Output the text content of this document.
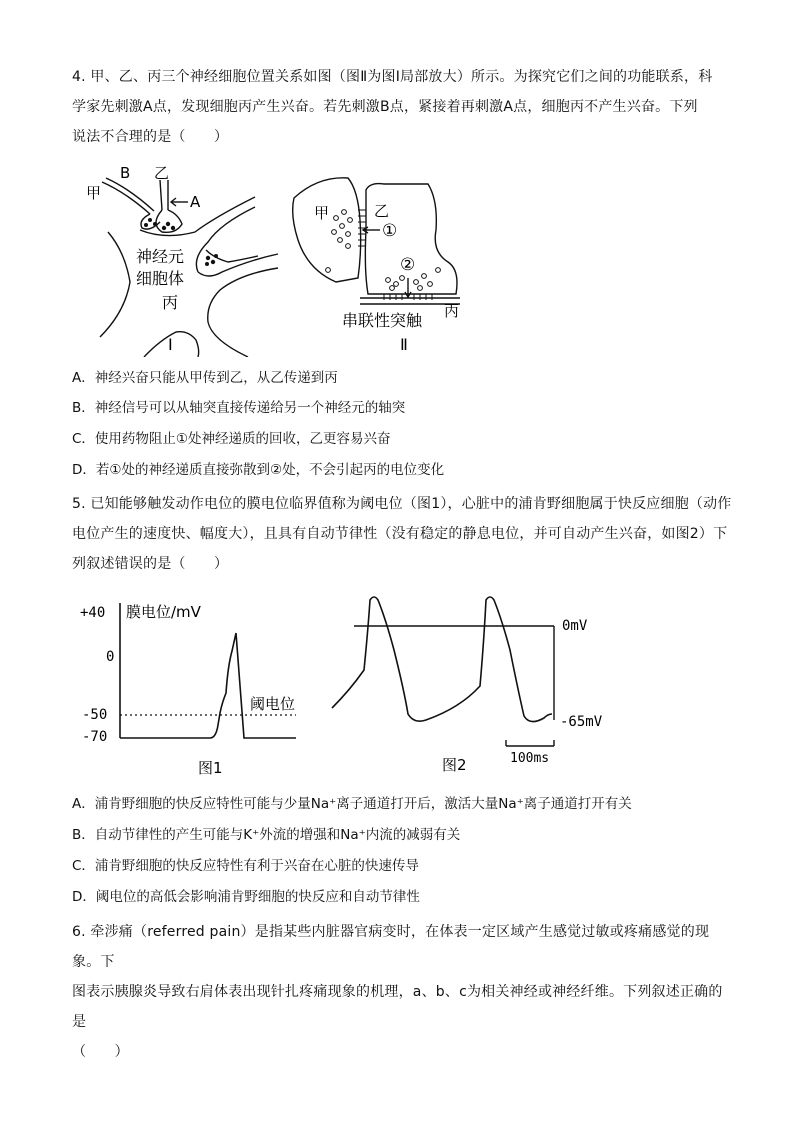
4. 甲、乙、丙三个神经细胞位置关系如图（图Ⅱ为图Ⅰ局部放大）所示。为探究它们之间的功能联系，科
学家先刺激A点，发现细胞丙产生兴奋。若先刺激B点，紧接着再刺激A点，细胞丙不产生兴奋。下列
说法不合理的是（　　）
B 乙
甲	A
神经元
细胞体
丙
Ⅰ
甲	乙
①
②
丙
串联性突触
Ⅱ
A．神经兴奋只能从甲传到乙，从乙传递到丙
B．神经信号可以从轴突直接传递给另一个神经元的轴突
C．使用药物阻止①处神经递质的回收，乙更容易兴奋
D．若①处的神经递质直接弥散到②处，不会引起丙的电位变化
5. 已知能够触发动作电位的膜电位临界值称为阈电位（图1），心脏中的浦肯野细胞属于快反应细胞（动作
电位产生的速度快、幅度大），且具有自动节律性（没有稳定的静息电位，并可自动产生兴奋，如图2）下
列叙述错误的是（　　）
+40
0
-50
-70
膜电位/mV
阈电位
图1
0mV
-65mV
100ms
图2
A．浦肯野细胞的快反应特性可能与少量Na⁺离子通道打开后，激活大量Na⁺离子通道打开有关
B．自动节律性的产生可能与K⁺外流的增强和Na⁺内流的减弱有关
C．浦肯野细胞的快反应特性有利于兴奋在心脏的快速传导
D．阈电位的高低会影响浦肯野细胞的快反应和自动节律性
6. 牵涉痛（referred pain）是指某些内脏器官病变时，在体表一定区域产生感觉过敏或疼痛感觉的现象。下
图表示胰腺炎导致右肩体表出现针扎疼痛现象的机理，a、b、c为相关神经或神经纤维。下列叙述正确的是
（　　）
